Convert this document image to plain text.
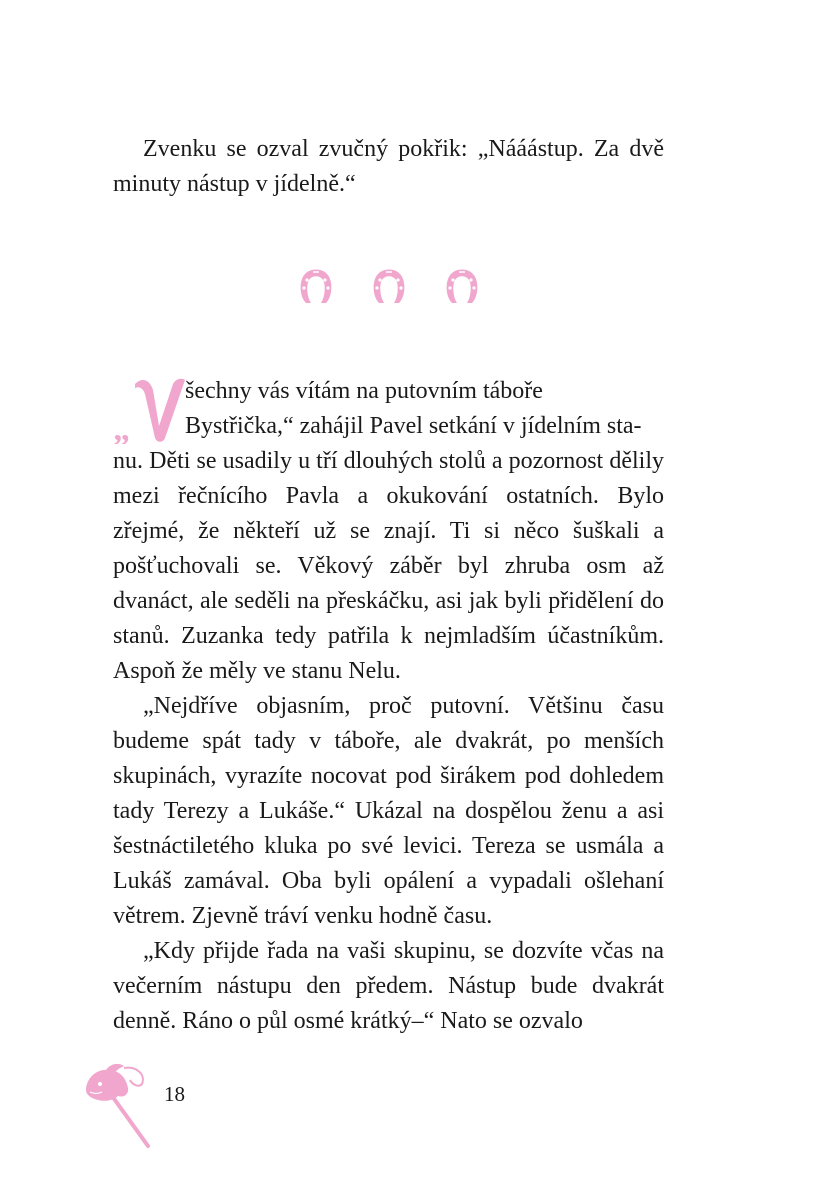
Zvenku se ozval zvučný pokřik: „Nááástup. Za dvě minuty nástup v jídelně.“

„

šechny vás vítám na putovním táboře
Bystřička,“ zahájil Pavel setkání v jídelním sta-
nu. Děti se usadily u tří dlouhých stolů a pozornost dělily mezi řečnícího Pavla a okukování ostatních. Bylo zřejmé, že někteří už se znají. Ti si něco šuškali a pošťuchovali se. Věkový záběr byl zhruba osm až dvanáct, ale seděli na přeskáčku, asi jak byli přidělení do stanů. Zuzanka tedy patřila k nejmladším účastníkům. Aspoň že měly ve stanu Nelu.

„Nejdříve objasním, proč putovní. Většinu času budeme spát tady v táboře, ale dvakrát, po menších skupinách, vyrazíte nocovat pod širákem pod dohledem tady Terezy a Lukáše.“ Ukázal na dospělou ženu a asi šestnáctiletého kluka po své levici. Tereza se usmála a Lukáš zamával. Oba byli opálení a vypadali ošlehaní větrem. Zjevně tráví venku hodně času.

„Kdy přijde řada na vaši skupinu, se dozvíte včas na večerním nástupu den předem. Nástup bude dvakrát denně. Ráno o půl osmé krátký–“ Nato se ozvalo

18
